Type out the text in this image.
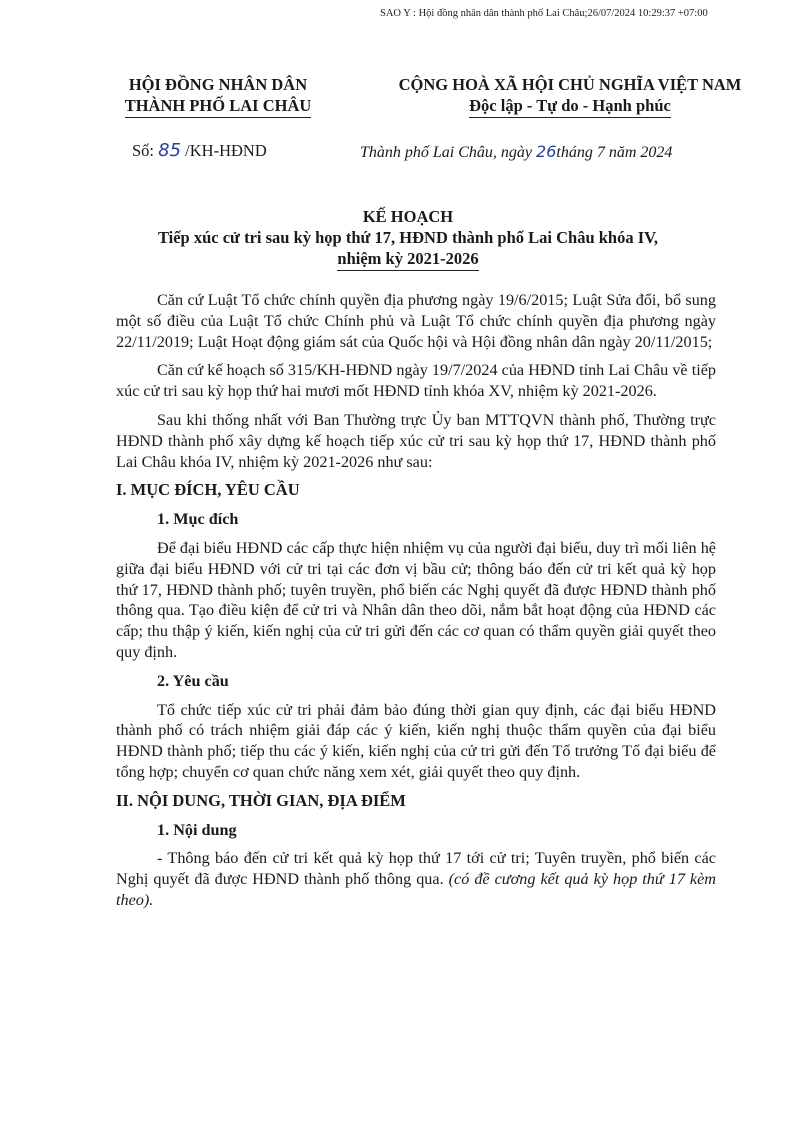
SAO Y : Hội đồng nhân dân thành phố Lai Châu;26/07/2024 10:29:37 +07:00
HỘI ĐỒNG NHÂN DÂN
THÀNH PHỐ LAI CHÂU
CỘNG HOÀ XÃ HỘI CHỦ NGHĨA VIỆT NAM
Độc lập - Tự do - Hạnh phúc
Số: 85 /KH-HĐND	Thành phố Lai Châu, ngày 26tháng 7 năm 2024
KẾ HOẠCH
Tiếp xúc cử tri sau kỳ họp thứ 17, HĐND thành phố Lai Châu khóa IV,
nhiệm kỳ 2021-2026

Căn cứ Luật Tổ chức chính quyền địa phương ngày 19/6/2015; Luật Sửa đổi, bổ sung một số điều của Luật Tổ chức Chính phủ và Luật Tổ chức chính quyền địa phương ngày 22/11/2019; Luật Hoạt động giám sát của Quốc hội và Hội đồng nhân dân ngày 20/11/2015;

Căn cứ kế hoạch số 315/KH-HĐND ngày 19/7/2024 của HĐND tỉnh Lai Châu về tiếp xúc cử tri sau kỳ họp thứ hai mươi mốt HĐND tỉnh khóa XV, nhiệm kỳ 2021-2026.

Sau khi thống nhất với Ban Thường trực Ủy ban MTTQVN thành phố, Thường trực HĐND thành phố xây dựng kế hoạch tiếp xúc cử tri sau kỳ họp thứ 17, HĐND thành phố Lai Châu khóa IV, nhiệm kỳ 2021-2026 như sau:

I. MỤC ĐÍCH, YÊU CẦU
1. Mục đích

Để đại biểu HĐND các cấp thực hiện nhiệm vụ của người đại biểu, duy trì mối liên hệ giữa đại biểu HĐND với cử tri tại các đơn vị bầu cử; thông báo đến cử tri kết quả kỳ họp thứ 17, HĐND thành phố; tuyên truyền, phổ biến các Nghị quyết đã được HĐND thành phố thông qua. Tạo điều kiện để cử tri và Nhân dân theo dõi, nắm bắt hoạt động của HĐND các cấp; thu thập ý kiến, kiến nghị của cử tri gửi đến các cơ quan có thẩm quyền giải quyết theo quy định.

2. Yêu cầu

Tổ chức tiếp xúc cử tri phải đảm bảo đúng thời gian quy định, các đại biểu HĐND thành phố có trách nhiệm giải đáp các ý kiến, kiến nghị thuộc thẩm quyền của đại biểu HĐND thành phố; tiếp thu các ý kiến, kiến nghị của cử tri gửi đến Tổ trưởng Tổ đại biểu để tổng hợp; chuyển cơ quan chức năng xem xét, giải quyết theo quy định.

II. NỘI DUNG, THỜI GIAN, ĐỊA ĐIỂM
1. Nội dung

- Thông báo đến cử tri kết quả kỳ họp thứ 17 tới cử tri; Tuyên truyền, phổ biến các Nghị quyết đã được HĐND thành phố thông qua. (có đề cương kết quả kỳ họp thứ 17 kèm theo).
